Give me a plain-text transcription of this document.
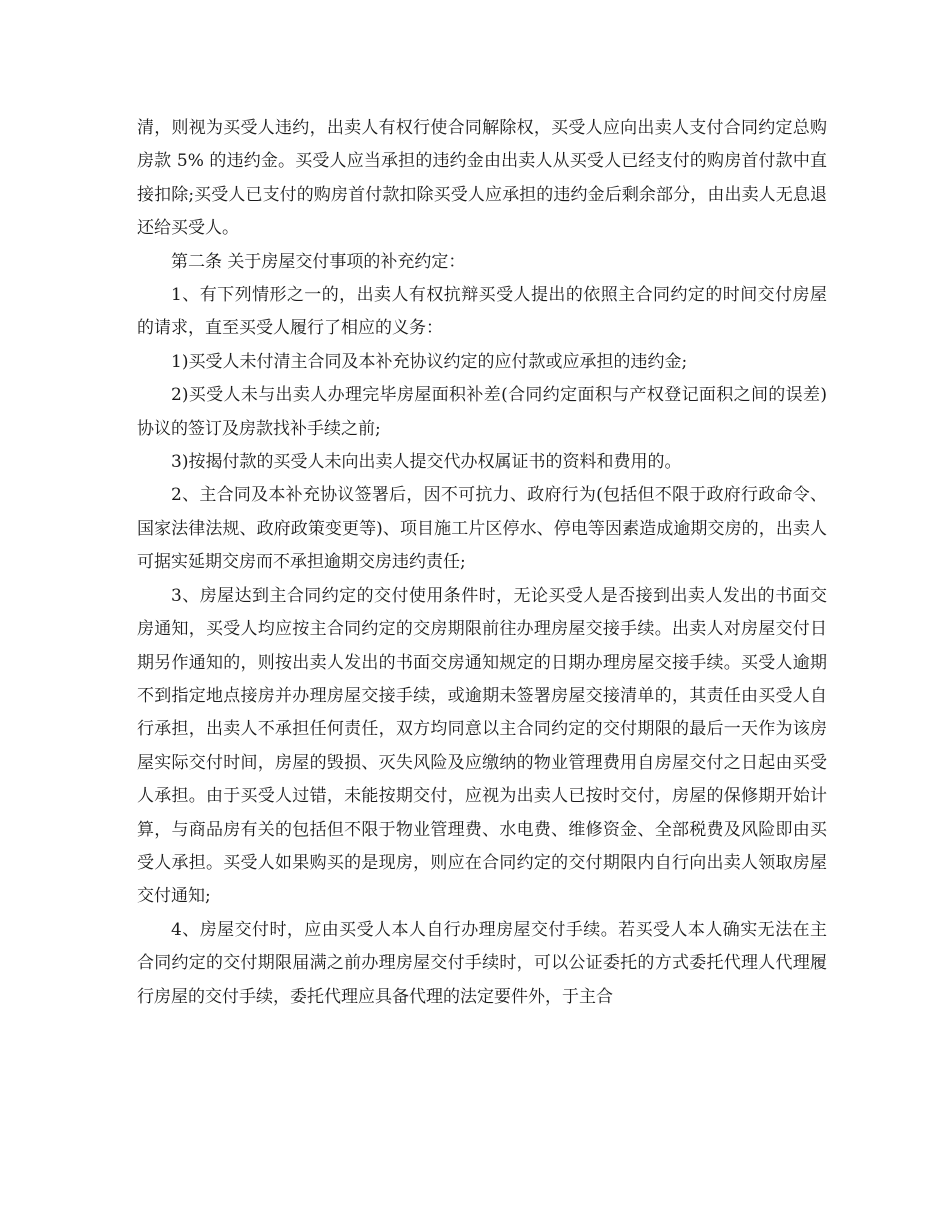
清，则视为买受人违约，出卖人有权行使合同解除权，买受人应向出卖人支付合同约定总购房款 5% 的违约金。买受人应当承担的违约金由出卖人从买受人已经支付的购房首付款中直接扣除;买受人已支付的购房首付款扣除买受人应承担的违约金后剩余部分，由出卖人无息退还给买受人。

第二条 关于房屋交付事项的补充约定：

1、有下列情形之一的，出卖人有权抗辩买受人提出的依照主合同约定的时间交付房屋的请求，直至买受人履行了相应的义务：

1)买受人未付清主合同及本补充协议约定的应付款或应承担的违约金;

2)买受人未与出卖人办理完毕房屋面积补差(合同约定面积与产权登记面积之间的误差)协议的签订及房款找补手续之前;

3)按揭付款的买受人未向出卖人提交代办权属证书的资料和费用的。

2、主合同及本补充协议签署后，因不可抗力、政府行为(包括但不限于政府行政命令、国家法律法规、政府政策变更等)、项目施工片区停水、停电等因素造成逾期交房的，出卖人可据实延期交房而不承担逾期交房违约责任;

3、房屋达到主合同约定的交付使用条件时，无论买受人是否接到出卖人发出的书面交房通知，买受人均应按主合同约定的交房期限前往办理房屋交接手续。出卖人对房屋交付日期另作通知的，则按出卖人发出的书面交房通知规定的日期办理房屋交接手续。买受人逾期不到指定地点接房并办理房屋交接手续，或逾期未签署房屋交接清单的，其责任由买受人自行承担，出卖人不承担任何责任，双方均同意以主合同约定的交付期限的最后一天作为该房屋实际交付时间，房屋的毁损、灭失风险及应缴纳的物业管理费用自房屋交付之日起由买受人承担。由于买受人过错，未能按期交付，应视为出卖人已按时交付，房屋的保修期开始计算，与商品房有关的包括但不限于物业管理费、水电费、维修资金、全部税费及风险即由买受人承担。买受人如果购买的是现房，则应在合同约定的交付期限内自行向出卖人领取房屋交付通知;

4、房屋交付时，应由买受人本人自行办理房屋交付手续。若买受人本人确实无法在主合同约定的交付期限届满之前办理房屋交付手续时，可以公证委托的方式委托代理人代理履行房屋的交付手续，委托代理应具备代理的法定要件外，于主合
